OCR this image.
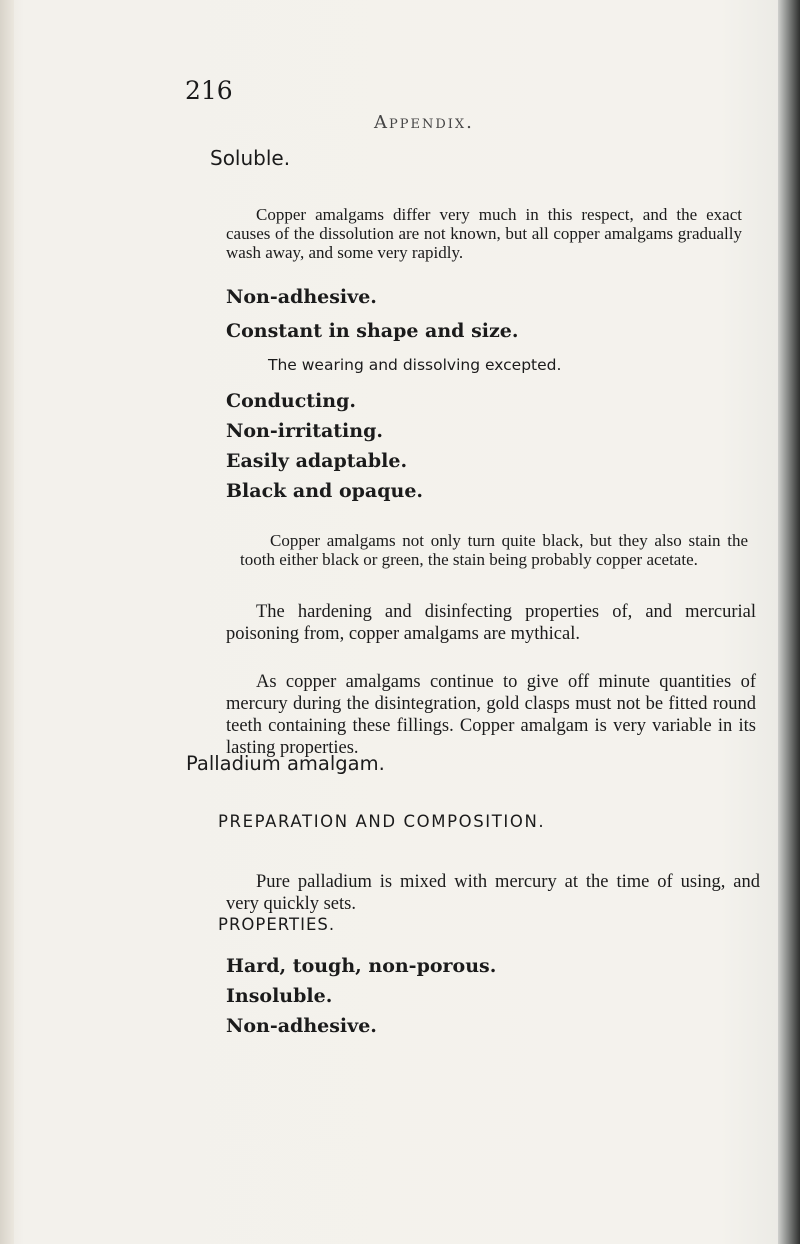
216

Appendix.

Soluble.

Copper amalgams differ very much in this respect, and the exact causes of the dissolution are not known, but all copper amalgams gradually wash away, and some very rapidly.

Non-adhesive.

Constant in shape and size.

The wearing and dissolving excepted.

Conducting.

Non-irritating.

Easily adaptable.

Black and opaque.

Copper amalgams not only turn quite black, but they also stain the tooth either black or green, the stain being probably copper acetate.

The hardening and disinfecting properties of, and mercurial poisoning from, copper amalgams are mythical.

As copper amalgams continue to give off minute quantities of mercury during the disintegration, gold clasps must not be fitted round teeth containing these fillings. Copper amalgam is very variable in its lasting properties.

Palladium amalgam.

PREPARATION AND COMPOSITION.

Pure palladium is mixed with mercury at the time of using, and very quickly sets.

PROPERTIES.

Hard, tough, non-porous.

Insoluble.

Non-adhesive.
